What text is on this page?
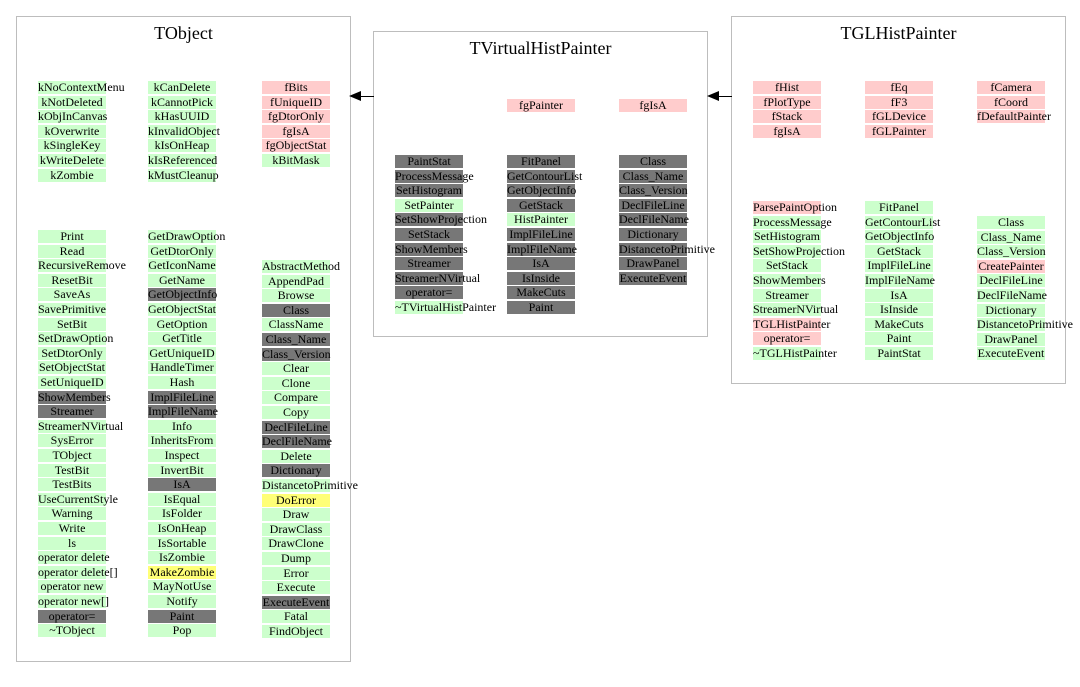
TObject
kNoContextMenu
kNotDeleted
kObjInCanvas
kOverwrite
kSingleKey
kWriteDelete
kZombie
kCanDelete
kCannotPick
kHasUUID
kInvalidObject
kIsOnHeap
kIsReferenced
kMustCleanup
fBits
fUniqueID
fgDtorOnly
fgIsA
fgObjectStat
kBitMask
Print
Read
RecursiveRemove
ResetBit
SaveAs
SavePrimitive
SetBit
SetDrawOption
SetDtorOnly
SetObjectStat
SetUniqueID
ShowMembers
Streamer
StreamerNVirtual
SysError
TObject
TestBit
TestBits
UseCurrentStyle
Warning
Write
ls
operator delete
operator delete[]
operator new
operator new[]
operator=
~TObject
GetDrawOption
GetDtorOnly
GetIconName
GetName
GetObjectInfo
GetObjectStat
GetOption
GetTitle
GetUniqueID
HandleTimer
Hash
ImplFileLine
ImplFileName
Info
InheritsFrom
Inspect
InvertBit
IsA
IsEqual
IsFolder
IsOnHeap
IsSortable
IsZombie
MakeZombie
MayNotUse
Notify
Paint
Pop
AbstractMethod
AppendPad
Browse
Class
ClassName
Class_Name
Class_Version
Clear
Clone
Compare
Copy
DeclFileLine
DeclFileName
Delete
Dictionary
DistancetoPrimitive
DoError
Draw
DrawClass
DrawClone
Dump
Error
Execute
ExecuteEvent
Fatal
FindObject
TVirtualHistPainter
fgPainter	fgIsA
PaintStat
ProcessMessage
SetHistogram
SetPainter
SetShowProjection
SetStack
ShowMembers
Streamer
StreamerNVirtual
operator=
~TVirtualHistPainter
FitPanel
GetContourList
GetObjectInfo
GetStack
HistPainter
ImplFileLine
ImplFileName
IsA
IsInside
MakeCuts
Paint
Class
Class_Name
Class_Version
DeclFileLine
DeclFileName
Dictionary
DistancetoPrimitive
DrawPanel
ExecuteEvent
TGLHistPainter
fHist
fPlotType
fStack
fgIsA
fEq
fF3
fGLDevice
fGLPainter
fCamera
fCoord
fDefaultPainter
ParsePaintOption
ProcessMessage
SetHistogram
SetShowProjection
SetStack
ShowMembers
Streamer
StreamerNVirtual
TGLHistPainter
operator=
~TGLHistPainter
FitPanel
GetContourList
GetObjectInfo
GetStack
ImplFileLine
ImplFileName
IsA
IsInside
MakeCuts
Paint
PaintStat
Class
Class_Name
Class_Version
CreatePainter
DeclFileLine
DeclFileName
Dictionary
DistancetoPrimitive
DrawPanel
ExecuteEvent
